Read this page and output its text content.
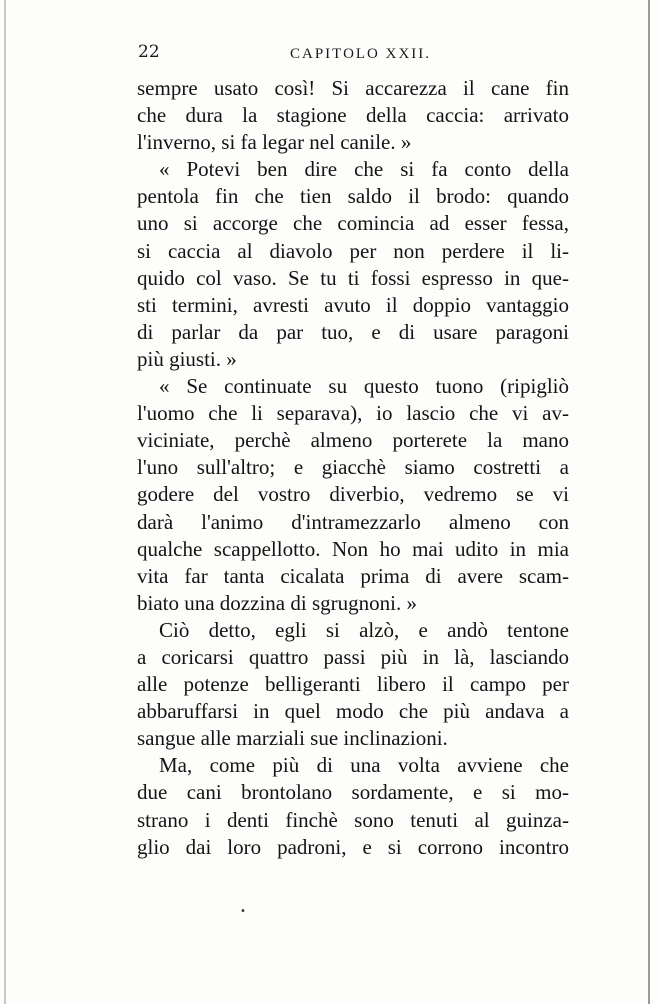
22	CAPITOLO XXII.
sempre usato così! Si accarezza il cane fin
che dura la stagione della caccia: arrivato
l'inverno, si fa legar nel canile. »
« Potevi ben dire che si fa conto della
pentola fin che tien saldo il brodo: quando
uno si accorge che comincia ad esser fessa,
si caccia al diavolo per non perdere il li-
quido col vaso. Se tu ti fossi espresso in que-
sti termini, avresti avuto il doppio vantaggio
di parlar da par tuo, e di usare paragoni
più giusti. »
« Se continuate su questo tuono (ripigliò
l'uomo che li separava), io lascio che vi av-
viciniate, perchè almeno porterete la mano
l'uno sull'altro; e giacchè siamo costretti a
godere del vostro diverbio, vedremo se vi
darà l'animo d'intramezzarlo almeno con
qualche scappellotto. Non ho mai udito in mia
vita far tanta cicalata prima di avere scam-
biato una dozzina di sgrugnoni. »
Ciò detto, egli si alzò, e andò tentone
a coricarsi quattro passi più in là, lasciando
alle potenze belligeranti libero il campo per
abbaruffarsi in quel modo che più andava a
sangue alle marziali sue inclinazioni.
Ma, come più di una volta avviene che
due cani brontolano sordamente, e si mo-
strano i denti finchè sono tenuti al guinza-
glio dai loro padroni, e si corrono incontro
•
